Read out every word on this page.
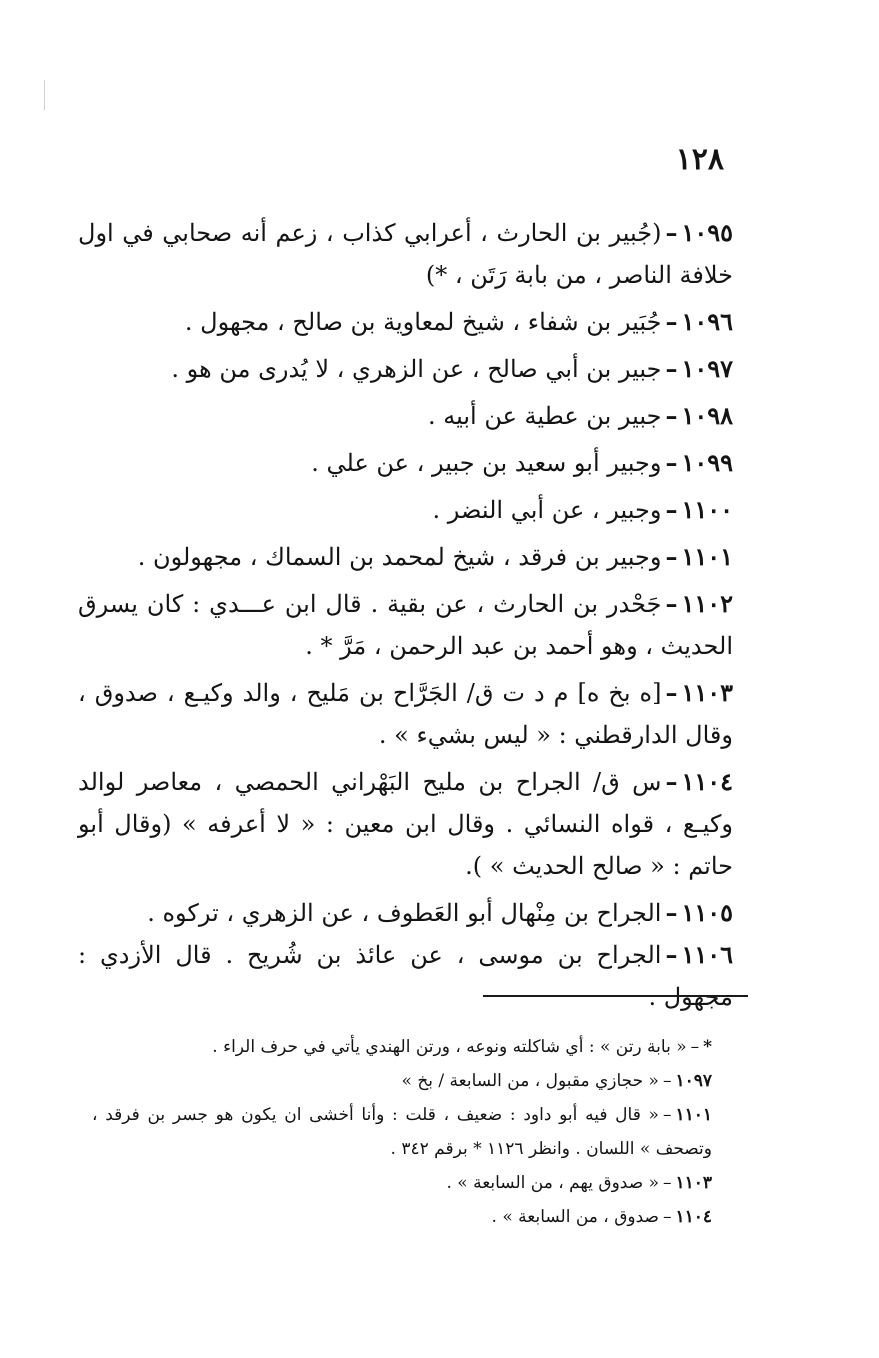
١٢٨

١٠٩٥–(جُبير بن الحارث ، أعرابي كذاب ، زعم أنه صحابي في اول خلافة الناصر ، من بابة رَتَن ، *)

١٠٩٦–جُبَير بن شفاء ، شيخ لمعاوية بن صالح ، مجهول .

١٠٩٧–جبير بن أبي صالح ، عن الزهري ، لا يُدرى من هو .

١٠٩٨–جبير بن عطية عن أبيه .

١٠٩٩–وجبير أبو سعيد بن جبير ، عن علي .

١١٠٠–وجبير ، عن أبي النضر .

١١٠١–وجبير بن فرقد ، شيخ لمحمد بن السماك ، مجهولون .

١١٠٢–جَحْدر بن الحارث ، عن بقية . قال ابن عـــدي : كان يسرق الحديث ، وهو أحمد بن عبد الرحمن ، مَرَّ * .

١١٠٣–[ه بخ ه] م د ت ق/ الجَرَّاح بن مَليح ، والد وكيـع ، صدوق ، وقال الدارقطني : « ليس بشيء » .

١١٠٤–س ق/ الجراح بن مليح البَهْراني الحمصي ، معاصر لوالد وكيـع ، قواه النسائي . وقال ابن معين : « لا أعرفه » (وقال أبو حاتم : « صالح الحديث » ).

١١٠٥–الجراح بن مِنْهال أبو العَطوف ، عن الزهري ، تركوه .

١١٠٦–الجراح بن موسى ، عن عائذ بن شُريح . قال الأزدي : مجهول .

*–« بابة رتن » : أي شاكلته ونوعه ، ورتن الهندي يأتي في حرف الراء .

١٠٩٧–« حجازي مقبول ، من السابعة / بخ »

١١٠١–« قال فيه أبو داود : ضعيف ، قلت : وأنا أخشى ان يكون هو جسر بن فرقد ، وتصحف » اللسان . وانظر ١١٢٦ * برقم ٣٤٢ .

١١٠٣–« صدوق يهم ، من السابعة » .

١١٠٤–صدوق ، من السابعة » .
